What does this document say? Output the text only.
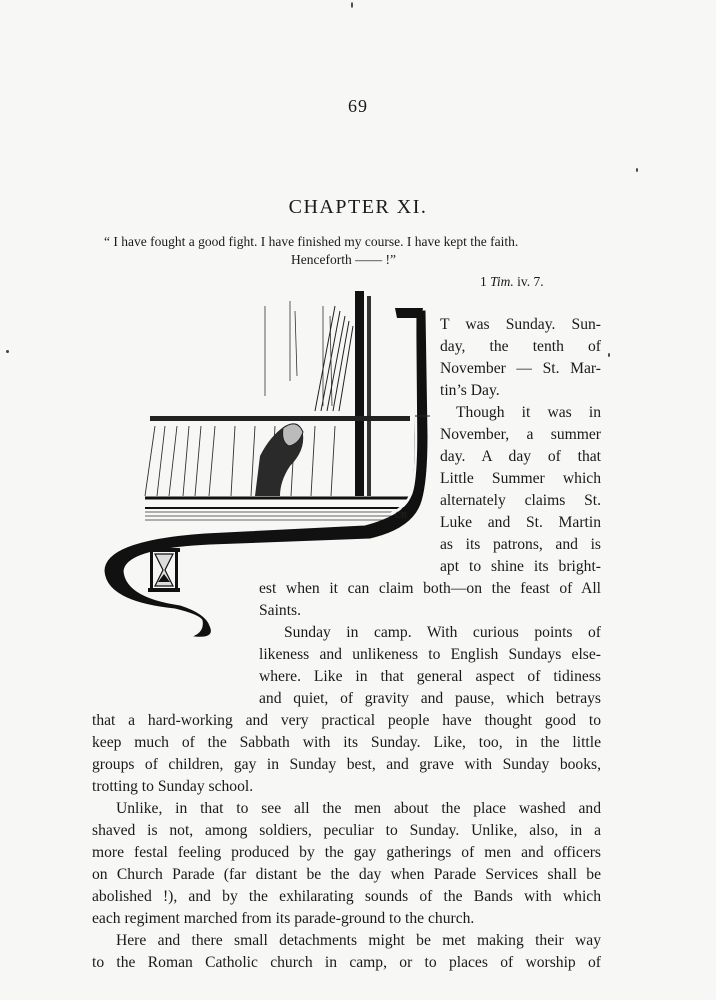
69
CHAPTER XI.
“ I have fought a good fight. I have finished my course. I have kept the faith.
Henceforth —— !”
1 Tim. iv. 7.
CR
T was Sunday. Sun-
day, the tenth of
November — St. Mar-
tin’s Day.
Though it was in
November, a summer
day. A day of that
Little Summer which
alternately claims St.
Luke and St. Martin
as its patrons, and is
apt to shine its bright-
est when it can claim both—on the feast of All
Saints.
Sunday in camp. With curious points of
likeness and unlikeness to English Sundays else-
where. Like in that general aspect of tidiness
and quiet, of gravity and pause, which betrays
that a hard-working and very practical people have thought good to
keep much of the Sabbath with its Sunday. Like, too, in the little
groups of children, gay in Sunday best, and grave with Sunday books,
trotting to Sunday school.
Unlike, in that to see all the men about the place washed and
shaved is not, among soldiers, peculiar to Sunday. Unlike, also, in a
more festal feeling produced by the gay gatherings of men and officers
on Church Parade (far distant be the day when Parade Services shall be
abolished !), and by the exhilarating sounds of the Bands with which
each regiment marched from its parade-ground to the church.
Here and there small detachments might be met making their way
to the Roman Catholic church in camp, or to places of worship of
